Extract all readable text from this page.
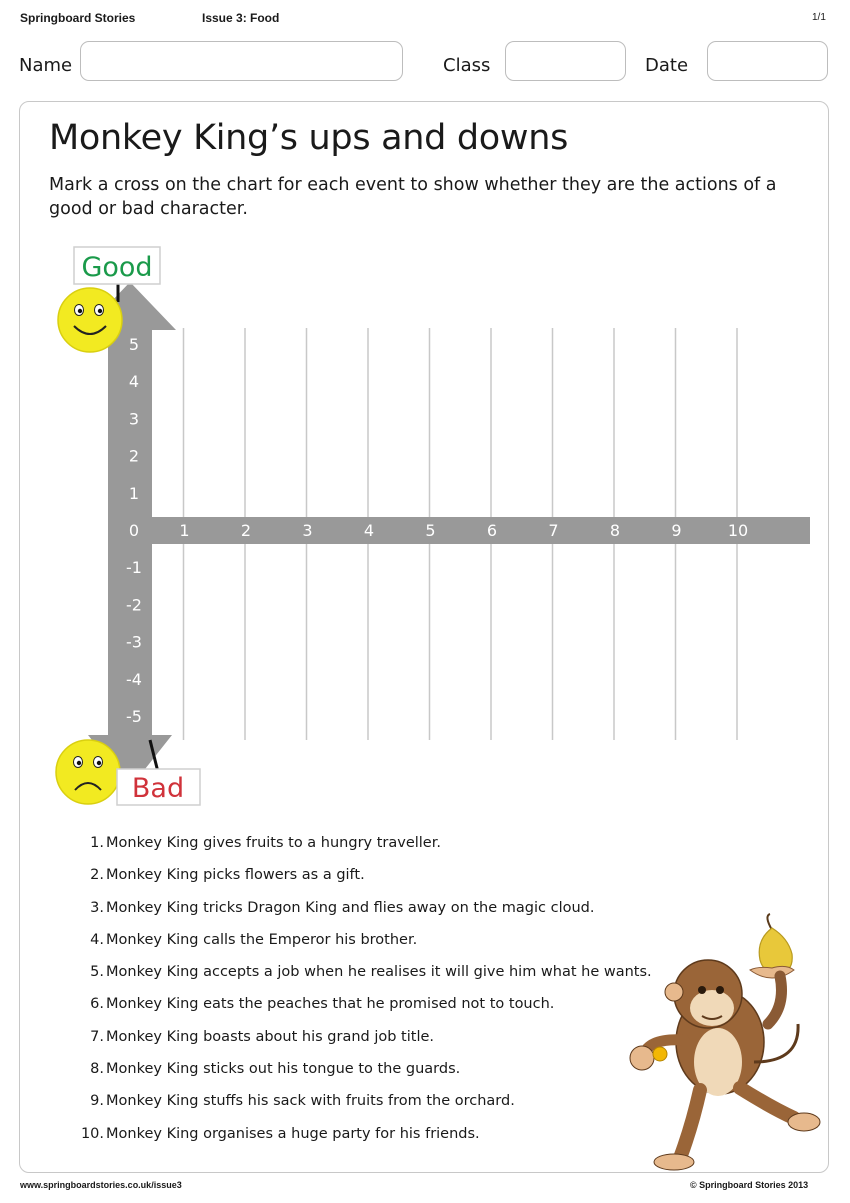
Springboard Stories	Issue 3: Food	1/1
Name	Class	Date
Monkey King’s ups and downs
Mark a cross on the chart for each event to show whether they are the actions of a good or bad character.
1	2	3	4	5	6	7	8	9	10
5
4
3
2
1
0
-1
-2
-3
-4
-5
Good
Bad
1. Monkey King gives fruits to a hungry traveller.
2. Monkey King picks flowers as a gift.
3. Monkey King tricks Dragon King and flies away on the magic cloud.
4. Monkey King calls the Emperor his brother.
5. Monkey King accepts a job when he realises it will give him what he wants.
6. Monkey King eats the peaches that he promised not to touch.
7. Monkey King boasts about his grand job title.
8. Monkey King sticks out his tongue to the guards.
9. Monkey King stuffs his sack with fruits from the orchard.
10. Monkey King organises a huge party for his friends.
www.springboardstories.co.uk/issue3	© Springboard Stories 2013
